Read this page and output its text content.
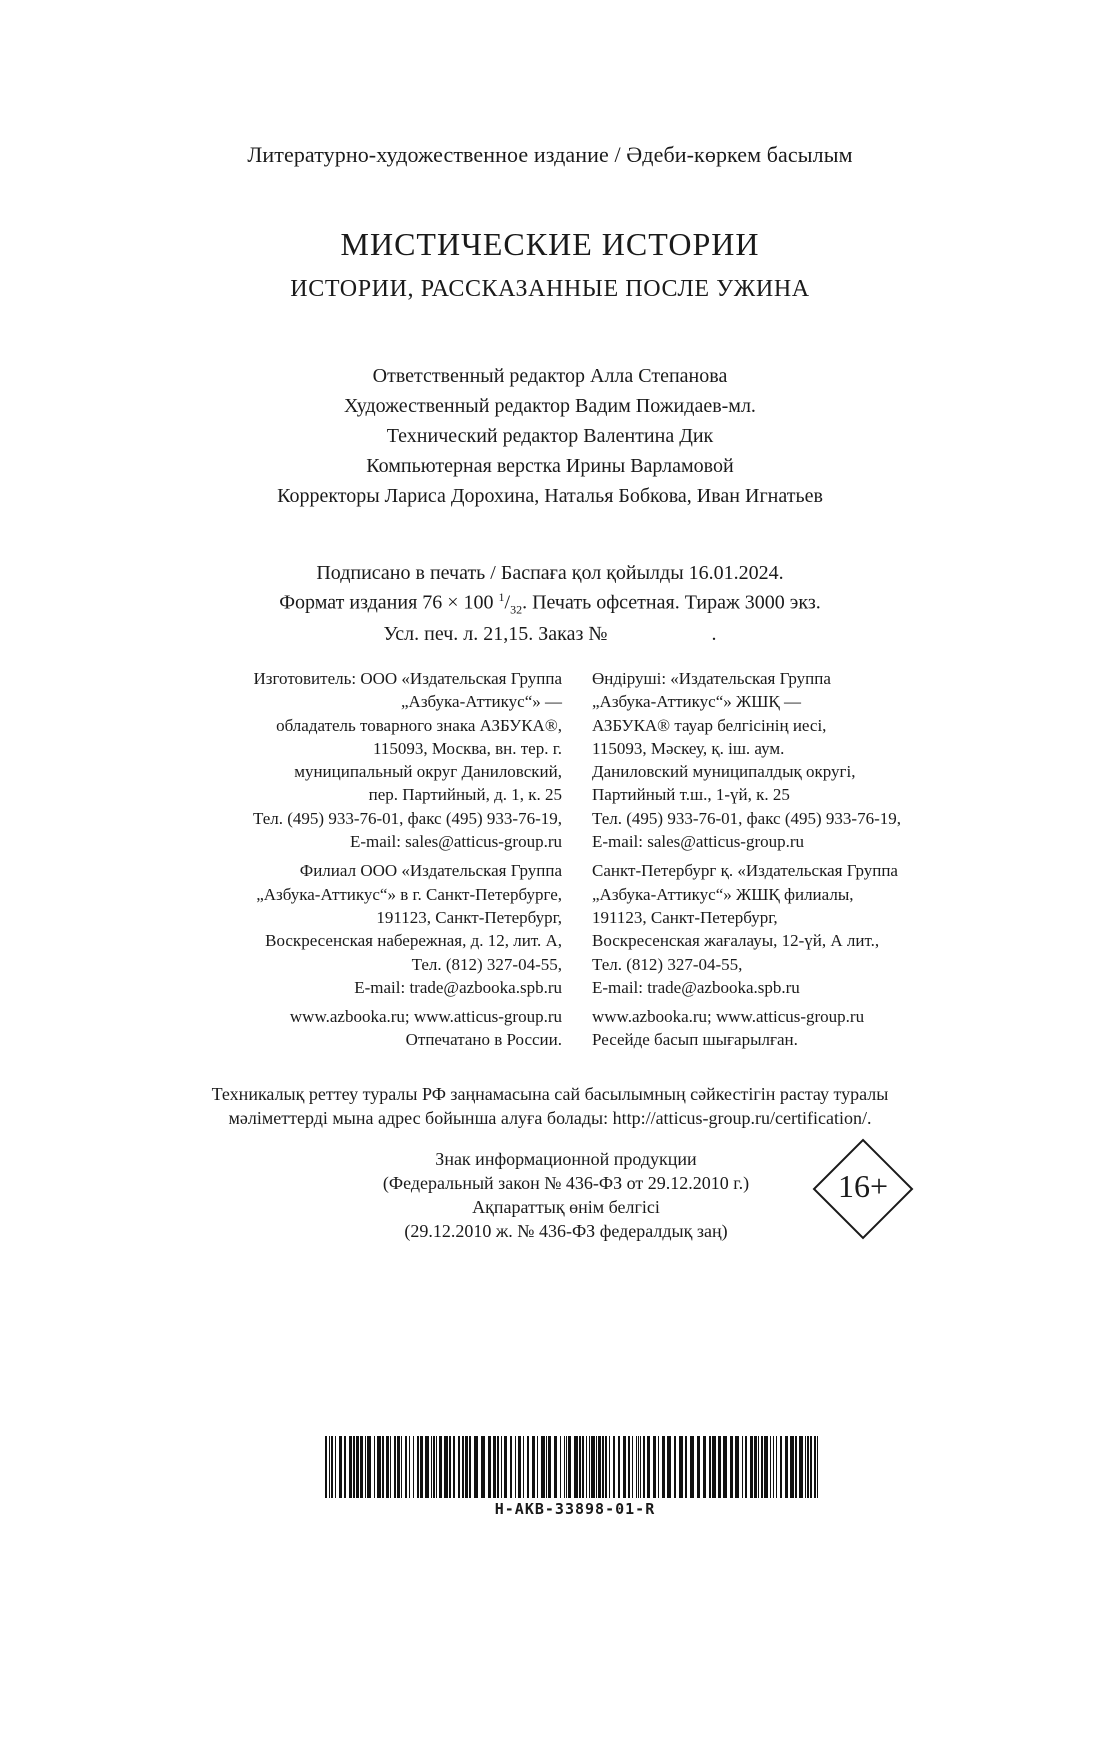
Литературно-художественное издание / Әдеби-көркем басылым
МИСТИЧЕСКИЕ ИСТОРИИ
ИСТОРИИ, РАССКАЗАННЫЕ ПОСЛЕ УЖИНА
Ответственный редактор Алла Степанова
Художественный редактор Вадим Пожидаев-мл.
Технический редактор Валентина Дик
Компьютерная верстка Ирины Варламовой
Корректоры Лариса Дорохина, Наталья Бобкова, Иван Игнатьев
Подписано в печать / Баспаға қол қойылды 16.01.2024.
Формат издания 76 × 100 $^1/_{32}$. Печать офсетная. Тираж 3000 экз.
Усл. печ. л. 21,15. Заказ №	.
Изготовитель: ООО «Издательская Группа
„Азбука-Аттикус“» —
обладатель товарного знака АЗБУКА®,
115093, Москва, вн. тер. г.
муниципальный округ Даниловский,
пер. Партийный, д. 1, к. 25
Тел. (495) 933-76-01, факс (495) 933-76-19,
E-mail: sales@atticus-group.ru
Филиал ООО «Издательская Группа
„Азбука-Аттикус“» в г. Санкт-Петербурге,
191123, Санкт-Петербург,
Воскресенская набережная, д. 12, лит. А,
Тел. (812) 327-04-55,
E-mail: trade@azbooka.spb.ru
www.azbooka.ru; www.atticus-group.ru
Отпечатано в России.
Өндіруші: «Издательская Группа
„Азбука-Аттикус“» ЖШҚ —
АЗБУКА® тауар белгісінің иесі,
115093, Мәскеу, қ. іш. аум.
Даниловский муниципалдық округі,
Партийный т.ш., 1-үй, к. 25
Тел. (495) 933-76-01, факс (495) 933-76-19,
E-mail: sales@atticus-group.ru
Санкт-Петербург қ. «Издательская Группа
„Азбука-Аттикус“» ЖШҚ филиалы,
191123, Санкт-Петербург,
Воскресенская жағалауы, 12-үй, А лит.,
Тел. (812) 327-04-55,
E-mail: trade@azbooka.spb.ru
www.azbooka.ru; www.atticus-group.ru
Ресейде басып шығарылған.
Техникалық реттеу туралы РФ заңнамасына сай басылымның сәйкестігін растау туралы
мәліметтерді мына адрес бойынша алуға болады: http://atticus-group.ru/certification/.
Знак информационной продукции
(Федеральный закон № 436-ФЗ от 29.12.2010 г.)
Ақпараттық өнім белгісі
(29.12.2010 ж. № 436-ФЗ федералдық заң)
16+
H-AKB-33898-01-R
